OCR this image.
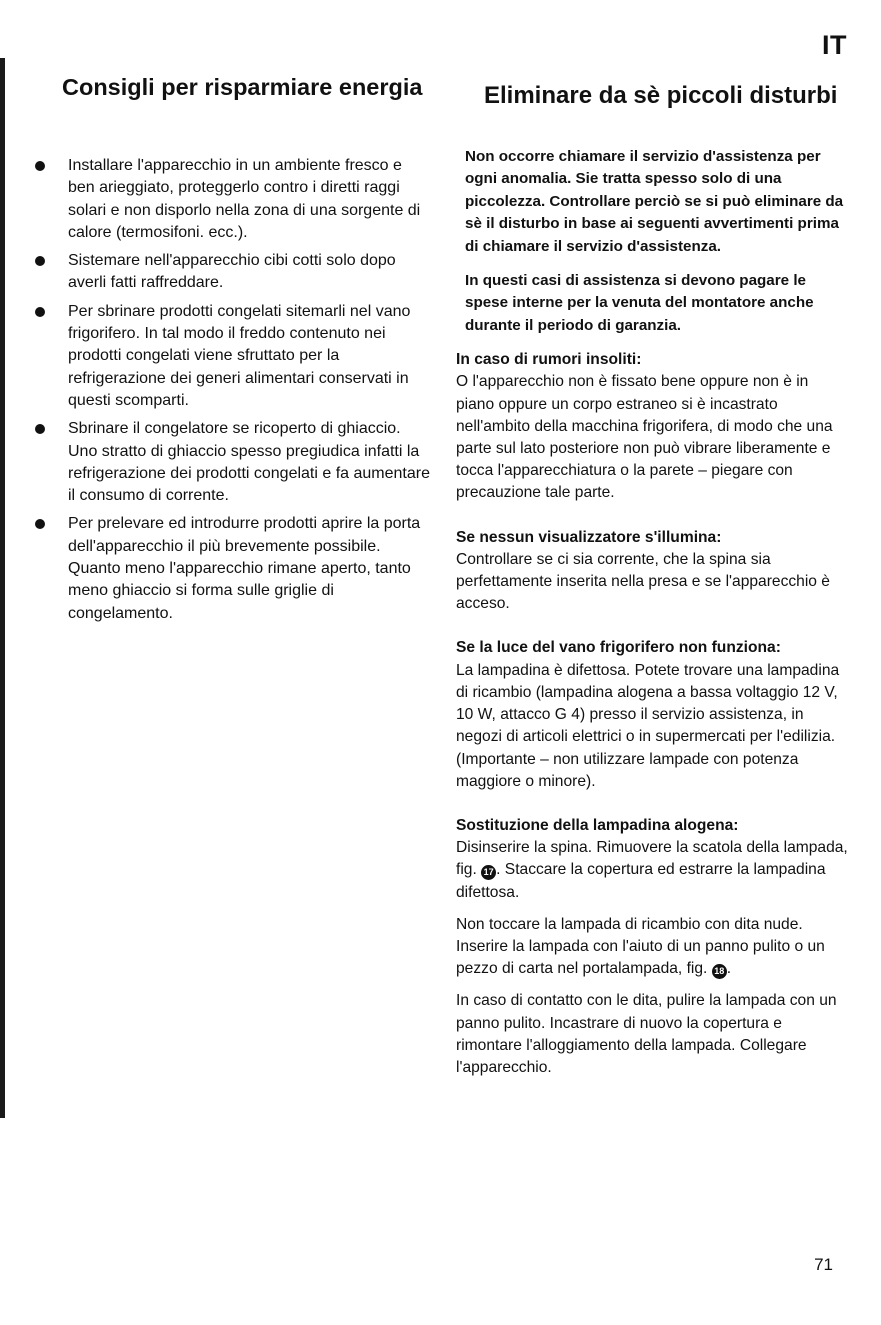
IT
Consigli per risparmiare energia
Installare l'apparecchio in un ambiente fresco e ben arieggiato, proteggerlo contro i diretti raggi solari e non disporlo nella zona di una sorgente di calore (termosifoni. ecc.).
Sistemare nell'apparecchio cibi cotti solo dopo averli fatti raffreddare.
Per sbrinare prodotti congelati sitemarli nel vano frigorifero. In tal modo il freddo contenuto nei prodotti congelati viene sfruttato per la refrigerazione dei generi alimentari conservati in questi scomparti.
Sbrinare il congelatore se ricoperto di ghiaccio. Uno stratto di ghiaccio spesso pregiudica infatti la refrigerazione dei prodotti congelati e fa aumentare il consumo di corrente.
Per prelevare ed introdurre prodotti aprire la porta dell'apparecchio il più brevemente possibile. Quanto meno l'apparecchio rimane aperto, tanto meno ghiaccio si forma sulle griglie di congelamento.
Eliminare da sè piccoli disturbi

Non occorre chiamare il servizio d'assistenza per ogni anomalia. Sie tratta spesso solo di una piccolezza. Controllare perciò se si può eliminare da sè il disturbo in base ai seguenti avvertimenti prima di chiamare il servizio d'assistenza.

In questi casi di assistenza si devono pagare le spese interne per la venuta del montatore anche durante il periodo di garanzia.

In caso di rumori insoliti:

O l'apparecchio non è fissato bene oppure non è in piano oppure un corpo estraneo si è incastrato nell'ambito della macchina frigorifera, di modo che una parte sul lato posteriore non può vibrare liberamente e tocca l'apparecchiatura o la parete – piegare con precauzione tale parte.

Se nessun visualizzatore s'illumina:

Controllare se ci sia corrente, che la spina sia perfettamente inserita nella presa e se l'apparecchio è acceso.

Se la luce del vano frigorifero non funziona:

La lampadina è difettosa. Potete trovare una lampadina di ricambio (lampadina alogena a bassa voltaggio 12 V, 10 W, attacco G 4) presso il servizio assistenza, in negozi di articoli elettrici o in supermercati per l'edilizia. (Importante – non utilizzare lampade con potenza maggiore o minore).

Sostituzione della lampadina alogena:

Disinserire la spina. Rimuovere la scatola della lampada, fig. 17 . Staccare la copertura ed estrarre la lampadina difettosa.

Non toccare la lampada di ricambio con dita nude. Inserire la lampada con l'aiuto di un panno pulito o un pezzo di carta nel portalampada, fig. 18 .

In caso di contatto con le dita, pulire la lampada con un panno pulito. Incastrare di nuovo la copertura e rimontare l'alloggiamento della lampada. Collegare l'apparecchio.

71
